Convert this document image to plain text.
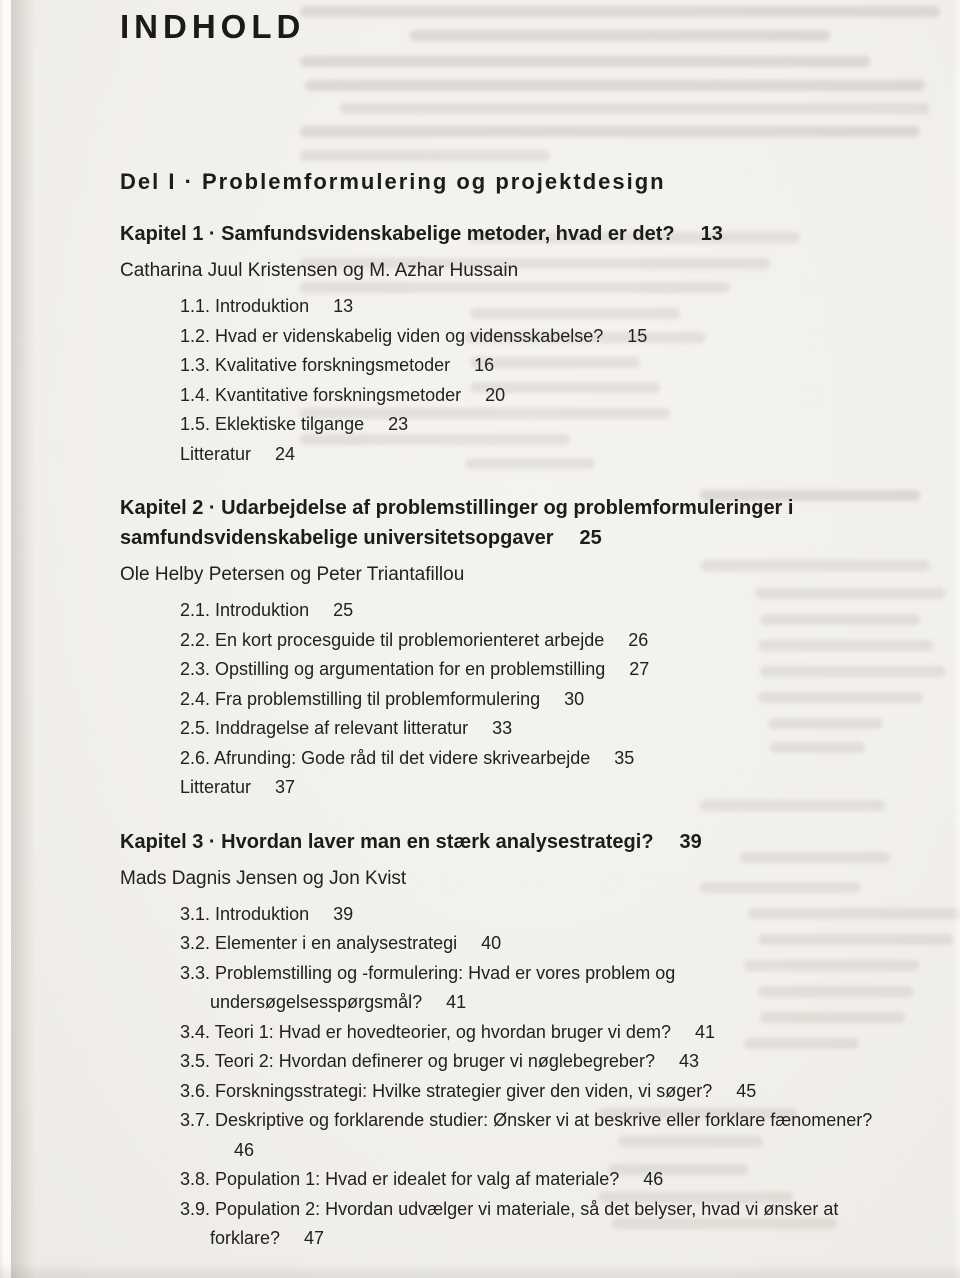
INDHOLD
Del I · Problemformulering og projektdesign
Kapitel 1 · Samfundsvidenskabelige metoder, hvad er det? 13
Catharina Juul Kristensen og M. Azhar Hussain
1.1. Introduktion 13
1.2. Hvad er videnskabelig viden og vidensskabelse? 15
1.3. Kvalitative forskningsmetoder 16
1.4. Kvantitative forskningsmetoder 20
1.5. Eklektiske tilgange 23
Litteratur 24
Kapitel 2 · Udarbejdelse af problemstillinger og problemformuleringer i samfundsvidenskabelige universitetsopgaver 25
Ole Helby Petersen og Peter Triantafillou
2.1. Introduktion 25
2.2. En kort procesguide til problemorienteret arbejde 26
2.3. Opstilling og argumentation for en problemstilling 27
2.4. Fra problemstilling til problemformulering 30
2.5. Inddragelse af relevant litteratur 33
2.6. Afrunding: Gode råd til det videre skrivearbejde 35
Litteratur 37
Kapitel 3 · Hvordan laver man en stærk analysestrategi? 39
Mads Dagnis Jensen og Jon Kvist
3.1. Introduktion 39
3.2. Elementer i en analysestrategi 40
3.3. Problemstilling og -formulering: Hvad er vores problem og undersøgelsesspørgsmål? 41
3.4. Teori 1: Hvad er hovedteorier, og hvordan bruger vi dem? 41
3.5. Teori 2: Hvordan definerer og bruger vi nøglebegreber? 43
3.6. Forskningsstrategi: Hvilke strategier giver den viden, vi søger? 45
3.7. Deskriptive og forklarende studier: Ønsker vi at beskrive eller forklare fænomener?46
3.8. Population 1: Hvad er idealet for valg af materiale? 46
3.9. Population 2: Hvordan udvælger vi materiale, så det belyser, hvad vi ønsker at forklare? 47
